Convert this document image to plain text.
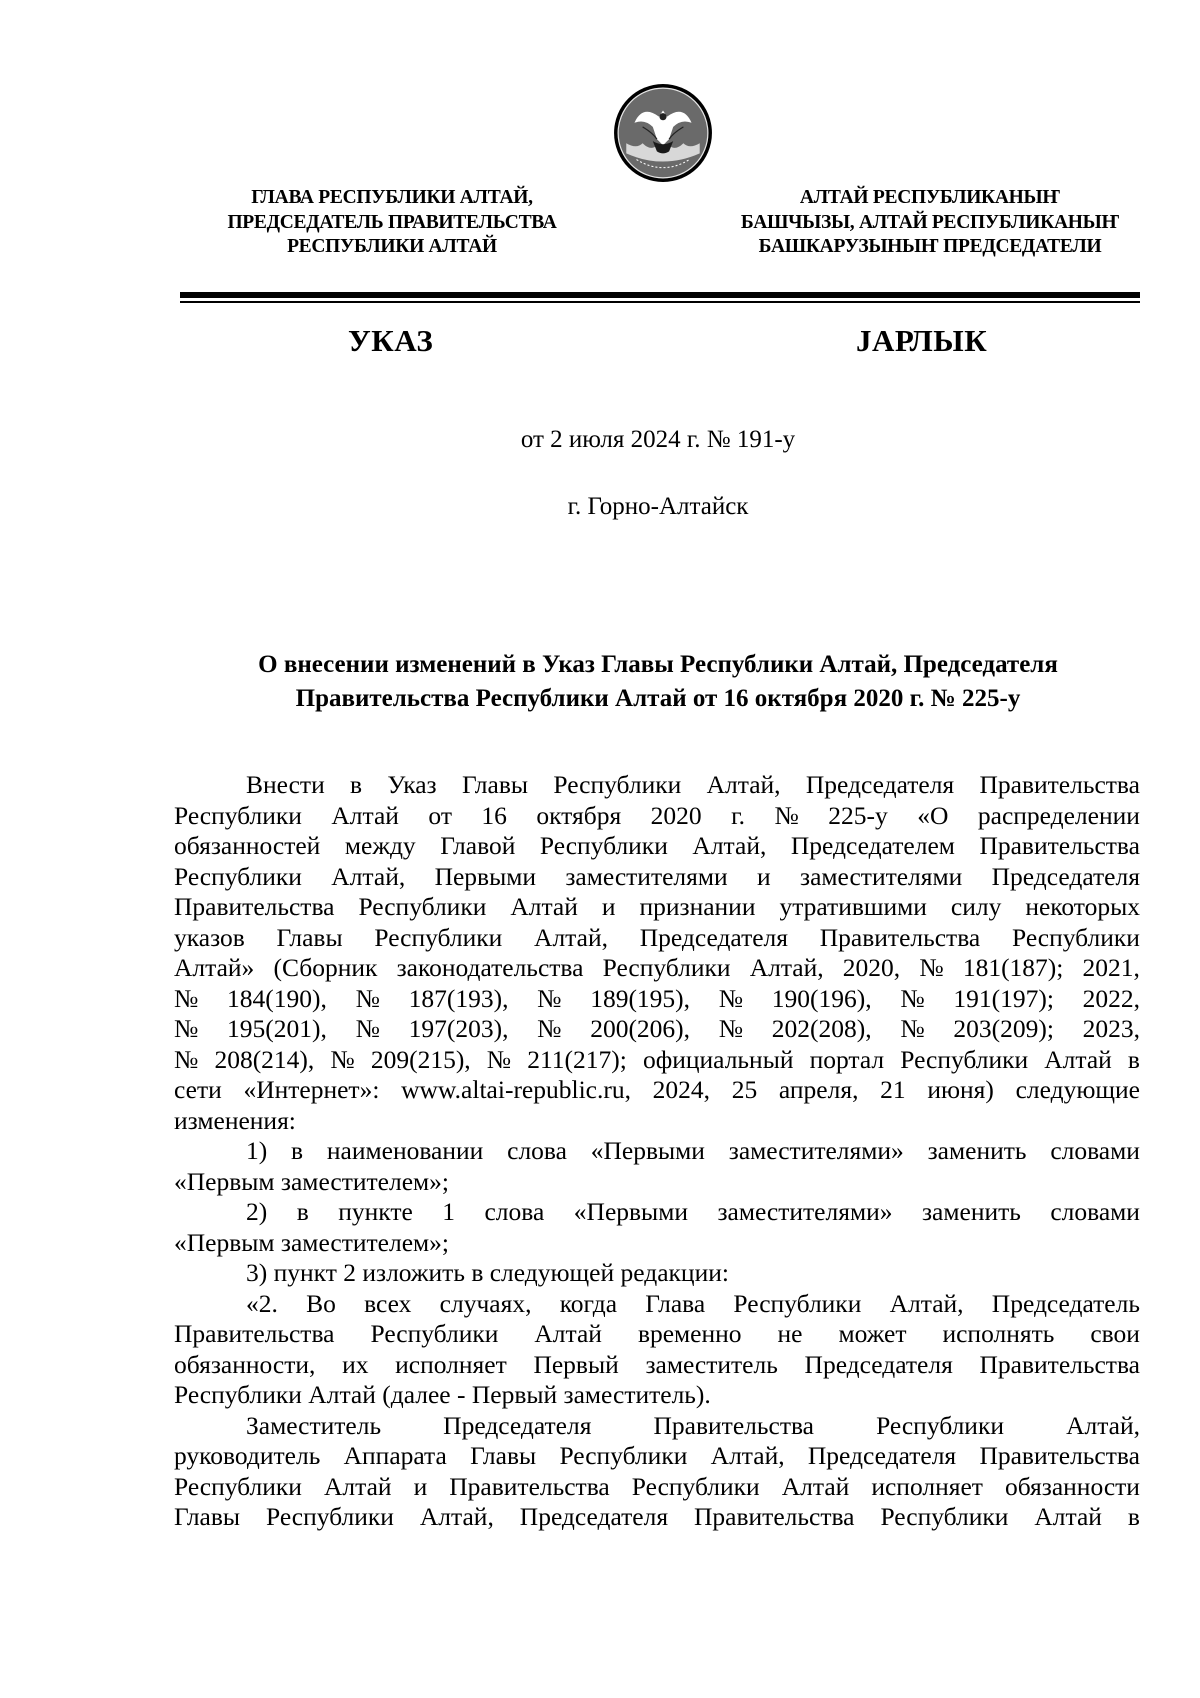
ГЛАВА РЕСПУБЛИКИ АЛТАЙ,
ПРЕДСЕДАТЕЛЬ ПРАВИТЕЛЬСТВА
РЕСПУБЛИКИ АЛТАЙ
АЛТАЙ РЕСПУБЛИКАНЫҤ
БАШЧЫЗЫ, АЛТАЙ РЕСПУБЛИКАНЫҤ
БАШКАРУЗЫНЫҤ ПРЕДСЕДАТЕЛИ
УКАЗ	ЈАРЛЫК
от 2 июля 2024 г. № 191-у
г. Горно-Алтайск
О внесении изменений в Указ Главы Республики Алтай, Председателя
Правительства Республики Алтай от 16 октября 2020 г. № 225-у
Внести в Указ Главы Республики Алтай, Председателя Правительства
Республики Алтай от 16 октября 2020 г. № 225-у «О распределении
обязанностей между Главой Республики Алтай, Председателем Правительства
Республики Алтай, Первыми заместителями и заместителями Председателя
Правительства Республики Алтай и признании утратившими силу некоторых
указов Главы Республики Алтай, Председателя Правительства Республики
Алтай» (Сборник законодательства Республики Алтай, 2020, № 181(187); 2021,
№ 184(190), № 187(193), № 189(195), № 190(196), № 191(197); 2022,
№ 195(201), № 197(203), № 200(206), № 202(208), № 203(209); 2023,
№ 208(214), № 209(215), № 211(217); официальный портал Республики Алтай в
сети «Интернет»: www.altai-republic.ru, 2024, 25 апреля, 21 июня) следующие
изменения:
1) в наименовании слова «Первыми заместителями» заменить словами
«Первым заместителем»;
2) в пункте 1 слова «Первыми заместителями» заменить словами
«Первым заместителем»;
3) пункт 2 изложить в следующей редакции:
«2. Во всех случаях, когда Глава Республики Алтай, Председатель
Правительства Республики Алтай временно не может исполнять свои
обязанности, их исполняет Первый заместитель Председателя Правительства
Республики Алтай (далее - Первый заместитель).
Заместитель Председателя Правительства Республики Алтай,
руководитель Аппарата Главы Республики Алтай, Председателя Правительства
Республики Алтай и Правительства Республики Алтай исполняет обязанности
Главы Республики Алтай, Председателя Правительства Республики Алтай в
